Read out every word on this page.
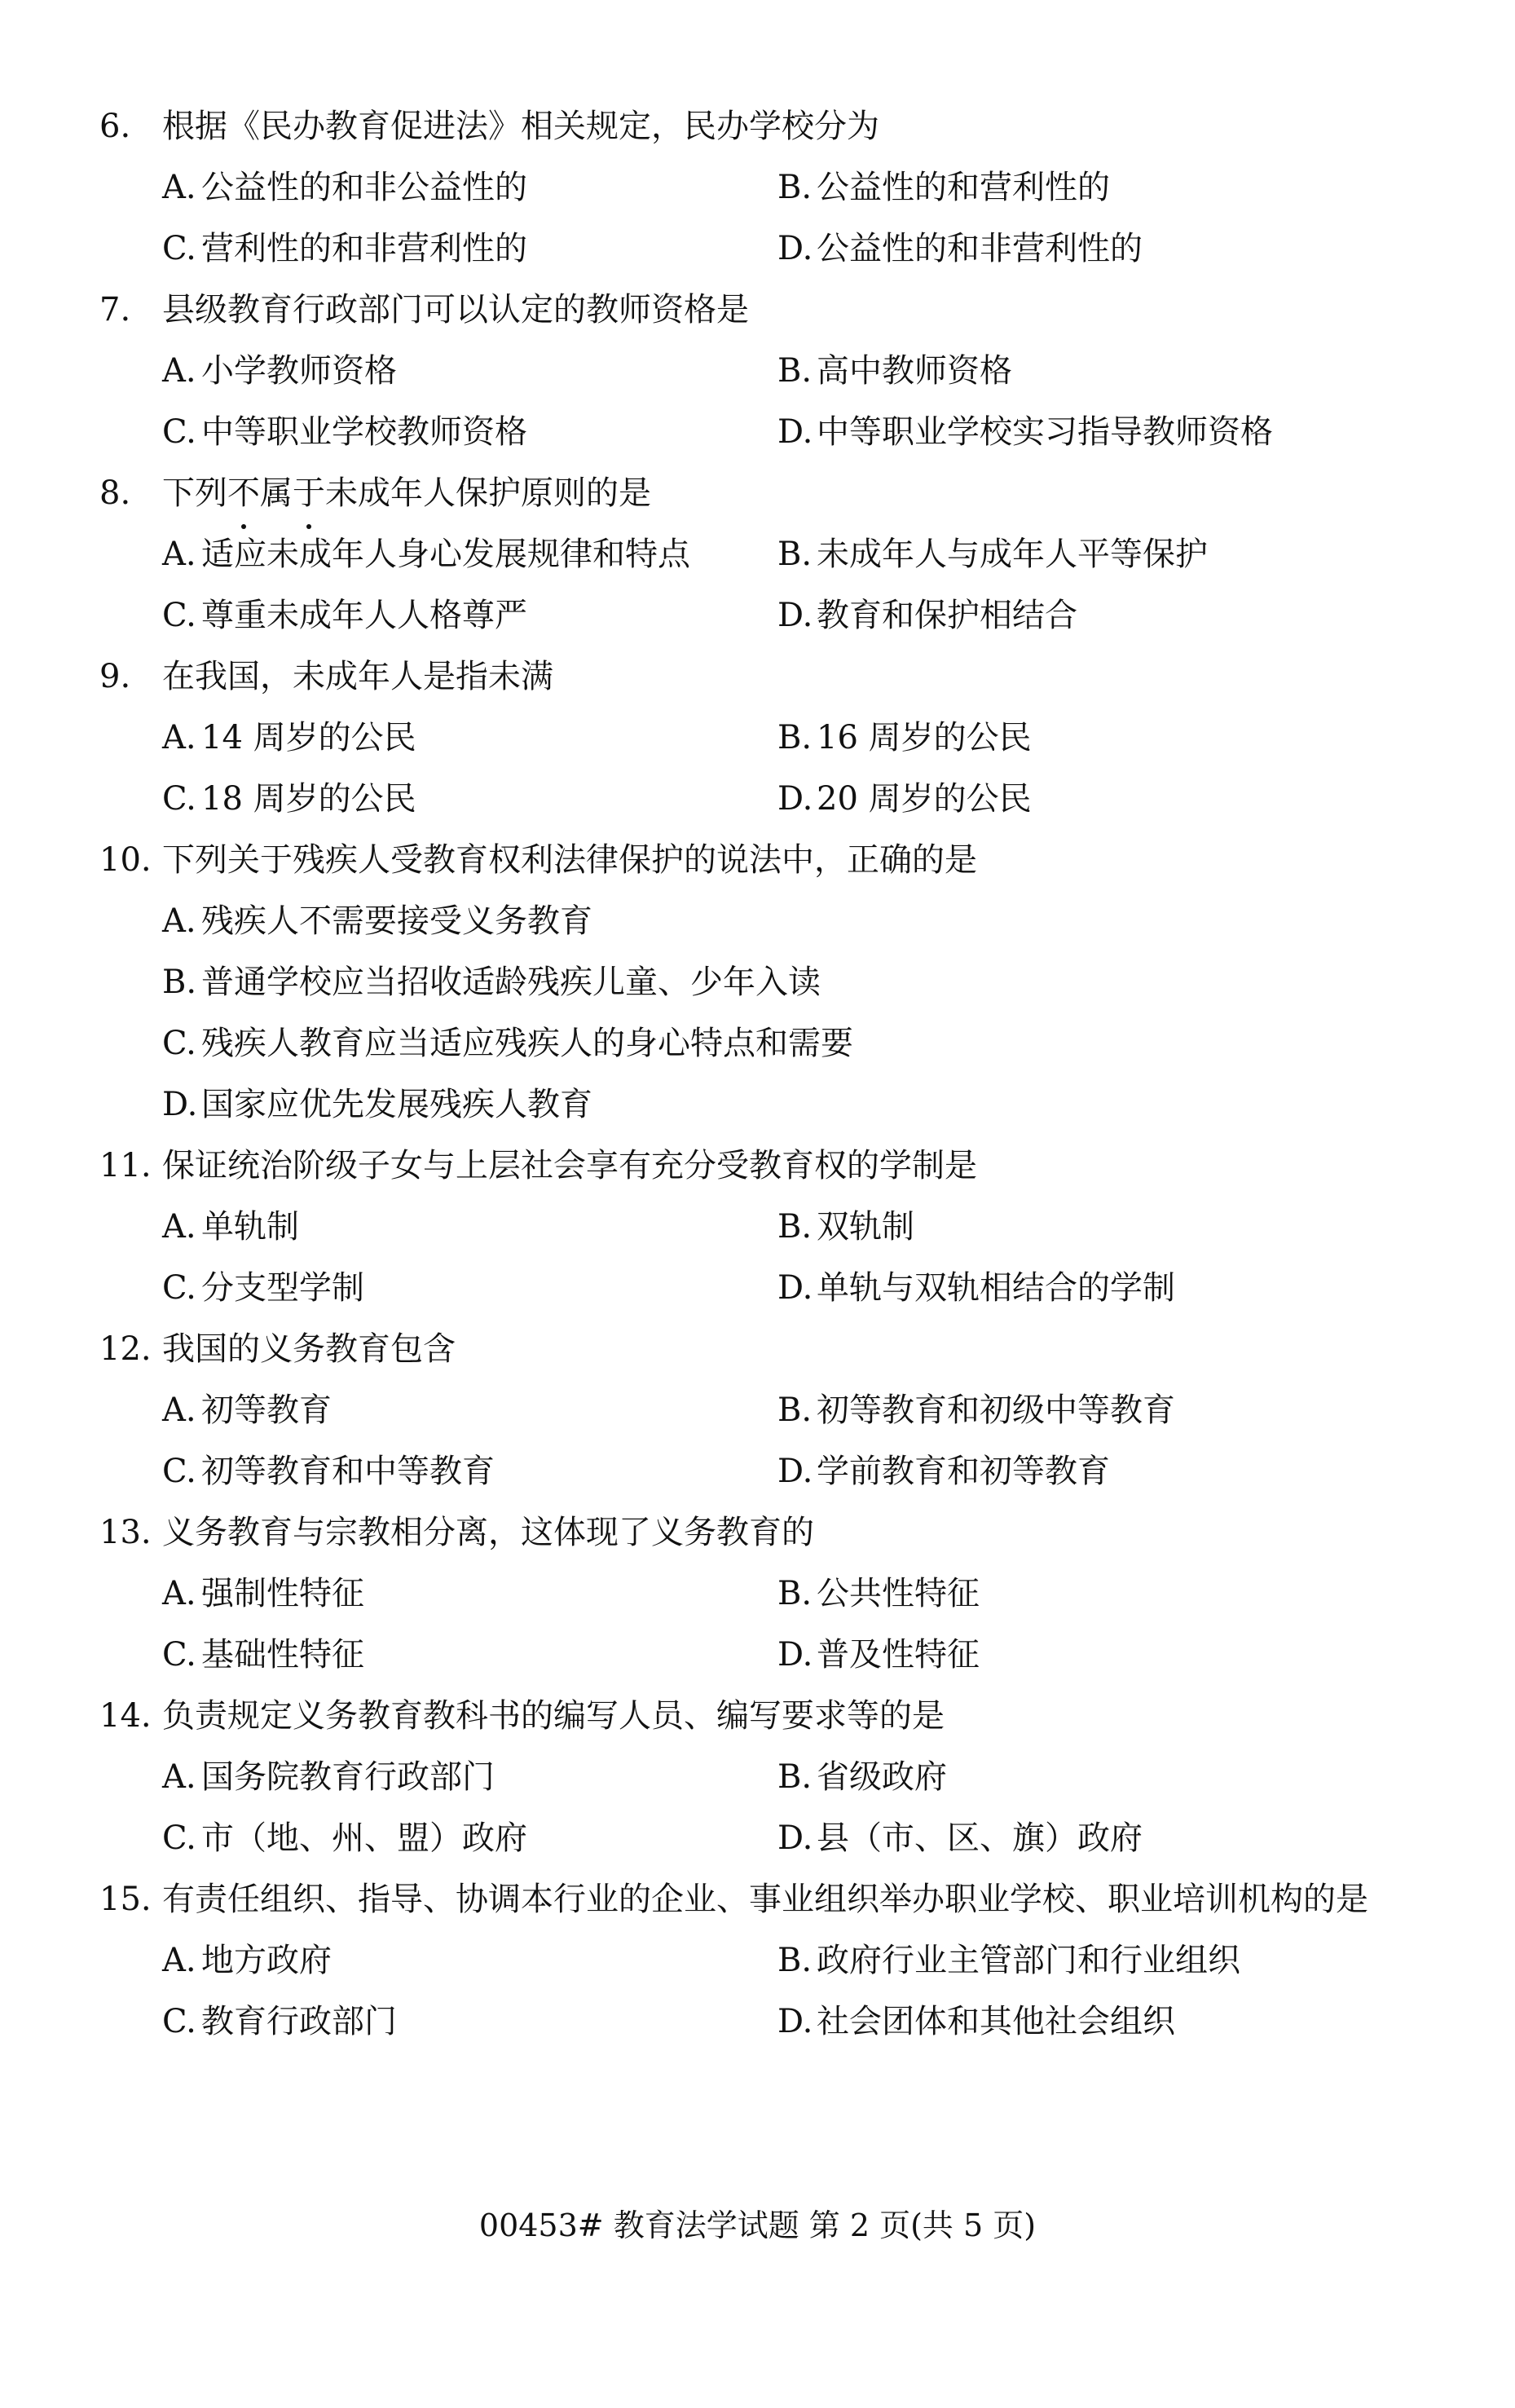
6. 根据《民办教育促进法》相关规定，民办学校分为
A. 公益性的和非公益性的	B. 公益性的和营利性的
C. 营利性的和非营利性的	D. 公益性的和非营利性的
7. 县级教育行政部门可以认定的教师资格是
A. 小学教师资格	B. 高中教师资格
C. 中等职业学校教师资格	D. 中等职业学校实习指导教师资格
8. 下列不属于未成年人保护原则的是
A. 适应未成年人身心发展规律和特点	B. 未成年人与成年人平等保护
C. 尊重未成年人人格尊严	D. 教育和保护相结合
9. 在我国，未成年人是指未满
A. 14 周岁的公民	B. 16 周岁的公民
C. 18 周岁的公民	D. 20 周岁的公民
10. 下列关于残疾人受教育权利法律保护的说法中，正确的是
A. 残疾人不需要接受义务教育
B. 普通学校应当招收适龄残疾儿童、少年入读
C. 残疾人教育应当适应残疾人的身心特点和需要
D. 国家应优先发展残疾人教育
11. 保证统治阶级子女与上层社会享有充分受教育权的学制是
A. 单轨制	B. 双轨制
C. 分支型学制	D. 单轨与双轨相结合的学制
12. 我国的义务教育包含
A. 初等教育	B. 初等教育和初级中等教育
C. 初等教育和中等教育	D. 学前教育和初等教育
13. 义务教育与宗教相分离，这体现了义务教育的
A. 强制性特征	B. 公共性特征
C. 基础性特征	D. 普及性特征
14. 负责规定义务教育教科书的编写人员、编写要求等的是
A. 国务院教育行政部门	B. 省级政府
C. 市（地、州、盟）政府	D. 县（市、区、旗）政府
15. 有责任组织、指导、协调本行业的企业、事业组织举办职业学校、职业培训机构的是
A. 地方政府	B. 政府行业主管部门和行业组织
C. 教育行政部门	D. 社会团体和其他社会组织
00453# 教育法学试题 第 2 页(共 5 页)
